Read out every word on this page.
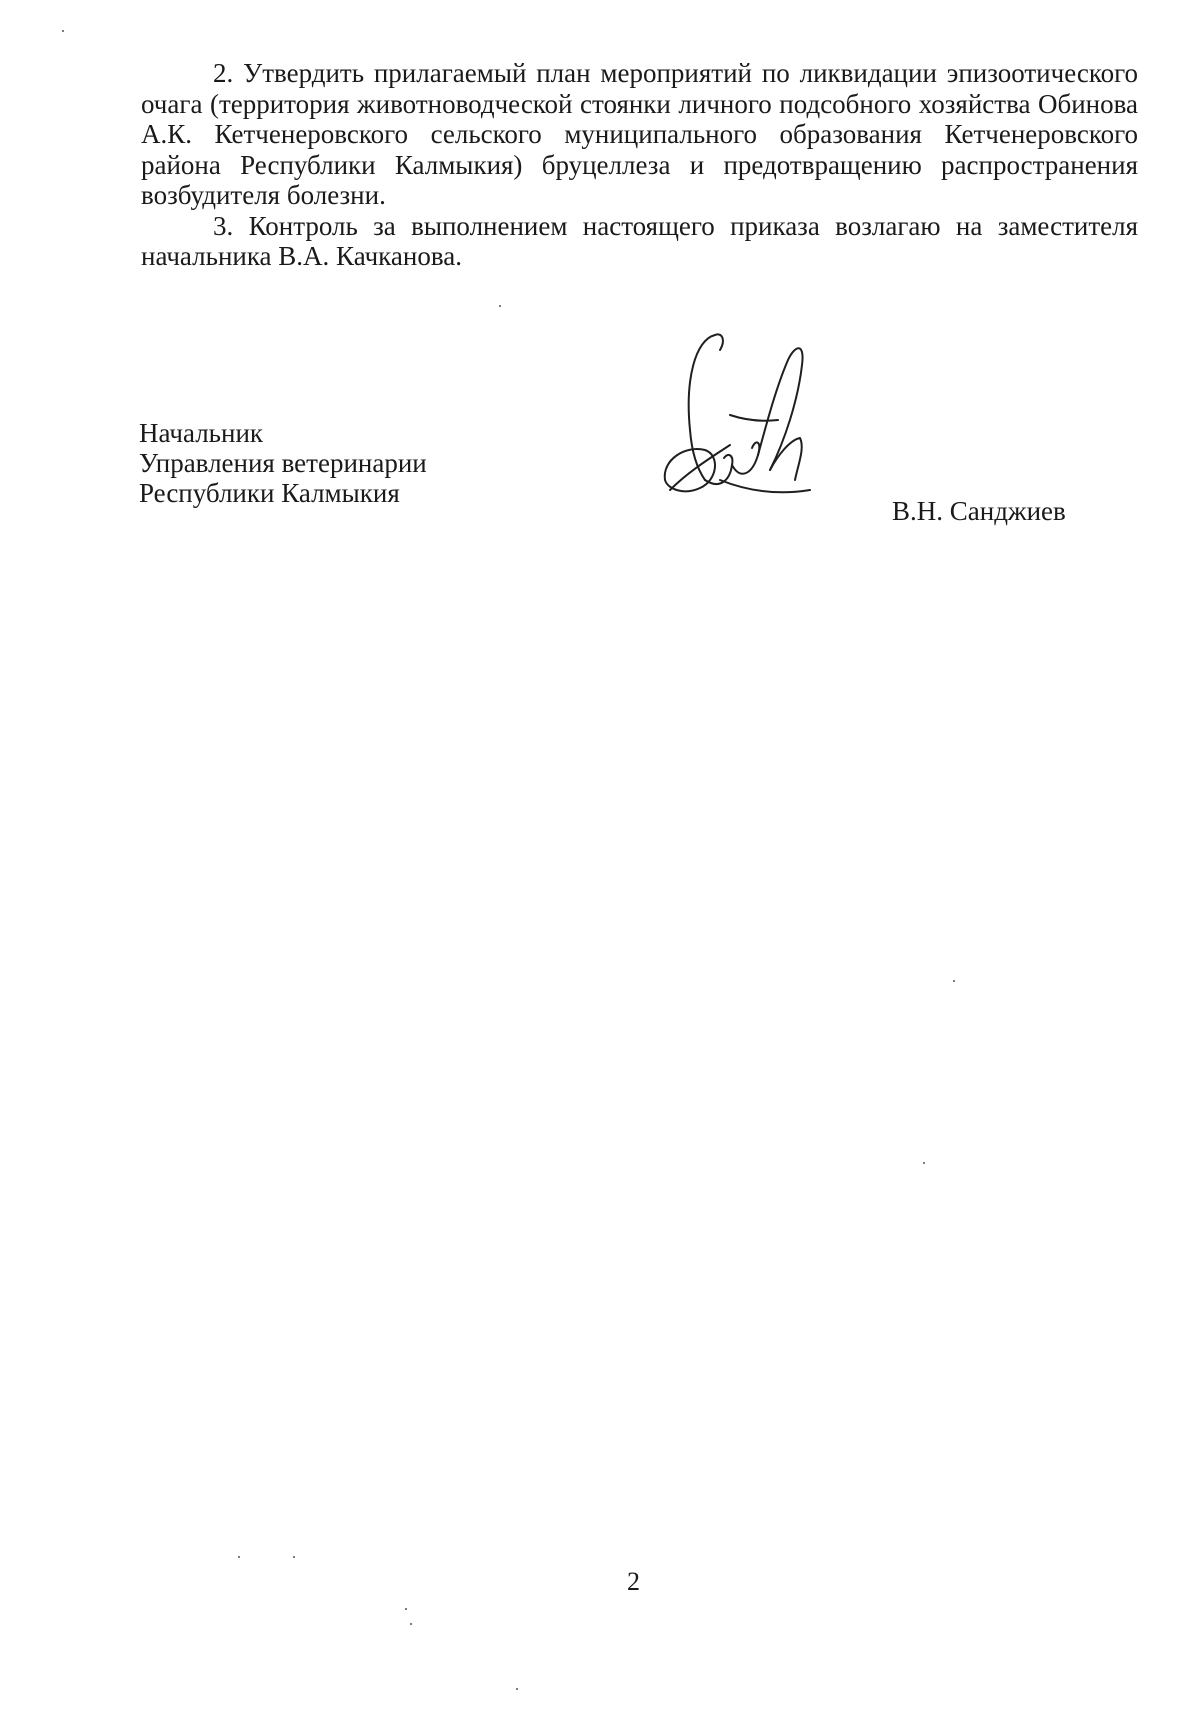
2. Утвердить прилагаемый план мероприятий по ликвидации эпизоотического очага (территория животноводческой стоянки личного подсобного хозяйства Обинова А.К. Кетченеровского сельского муниципального образования Кетченеровского района Республики Калмыкия) бруцеллеза и предотвращению распространения возбудителя болезни.

3. Контроль за выполнением настоящего приказа возлагаю на заместителя начальника В.А. Качканова.

Начальник
Управления ветеринарии
Республики Калмыкия
В.Н. Санджиев
2
